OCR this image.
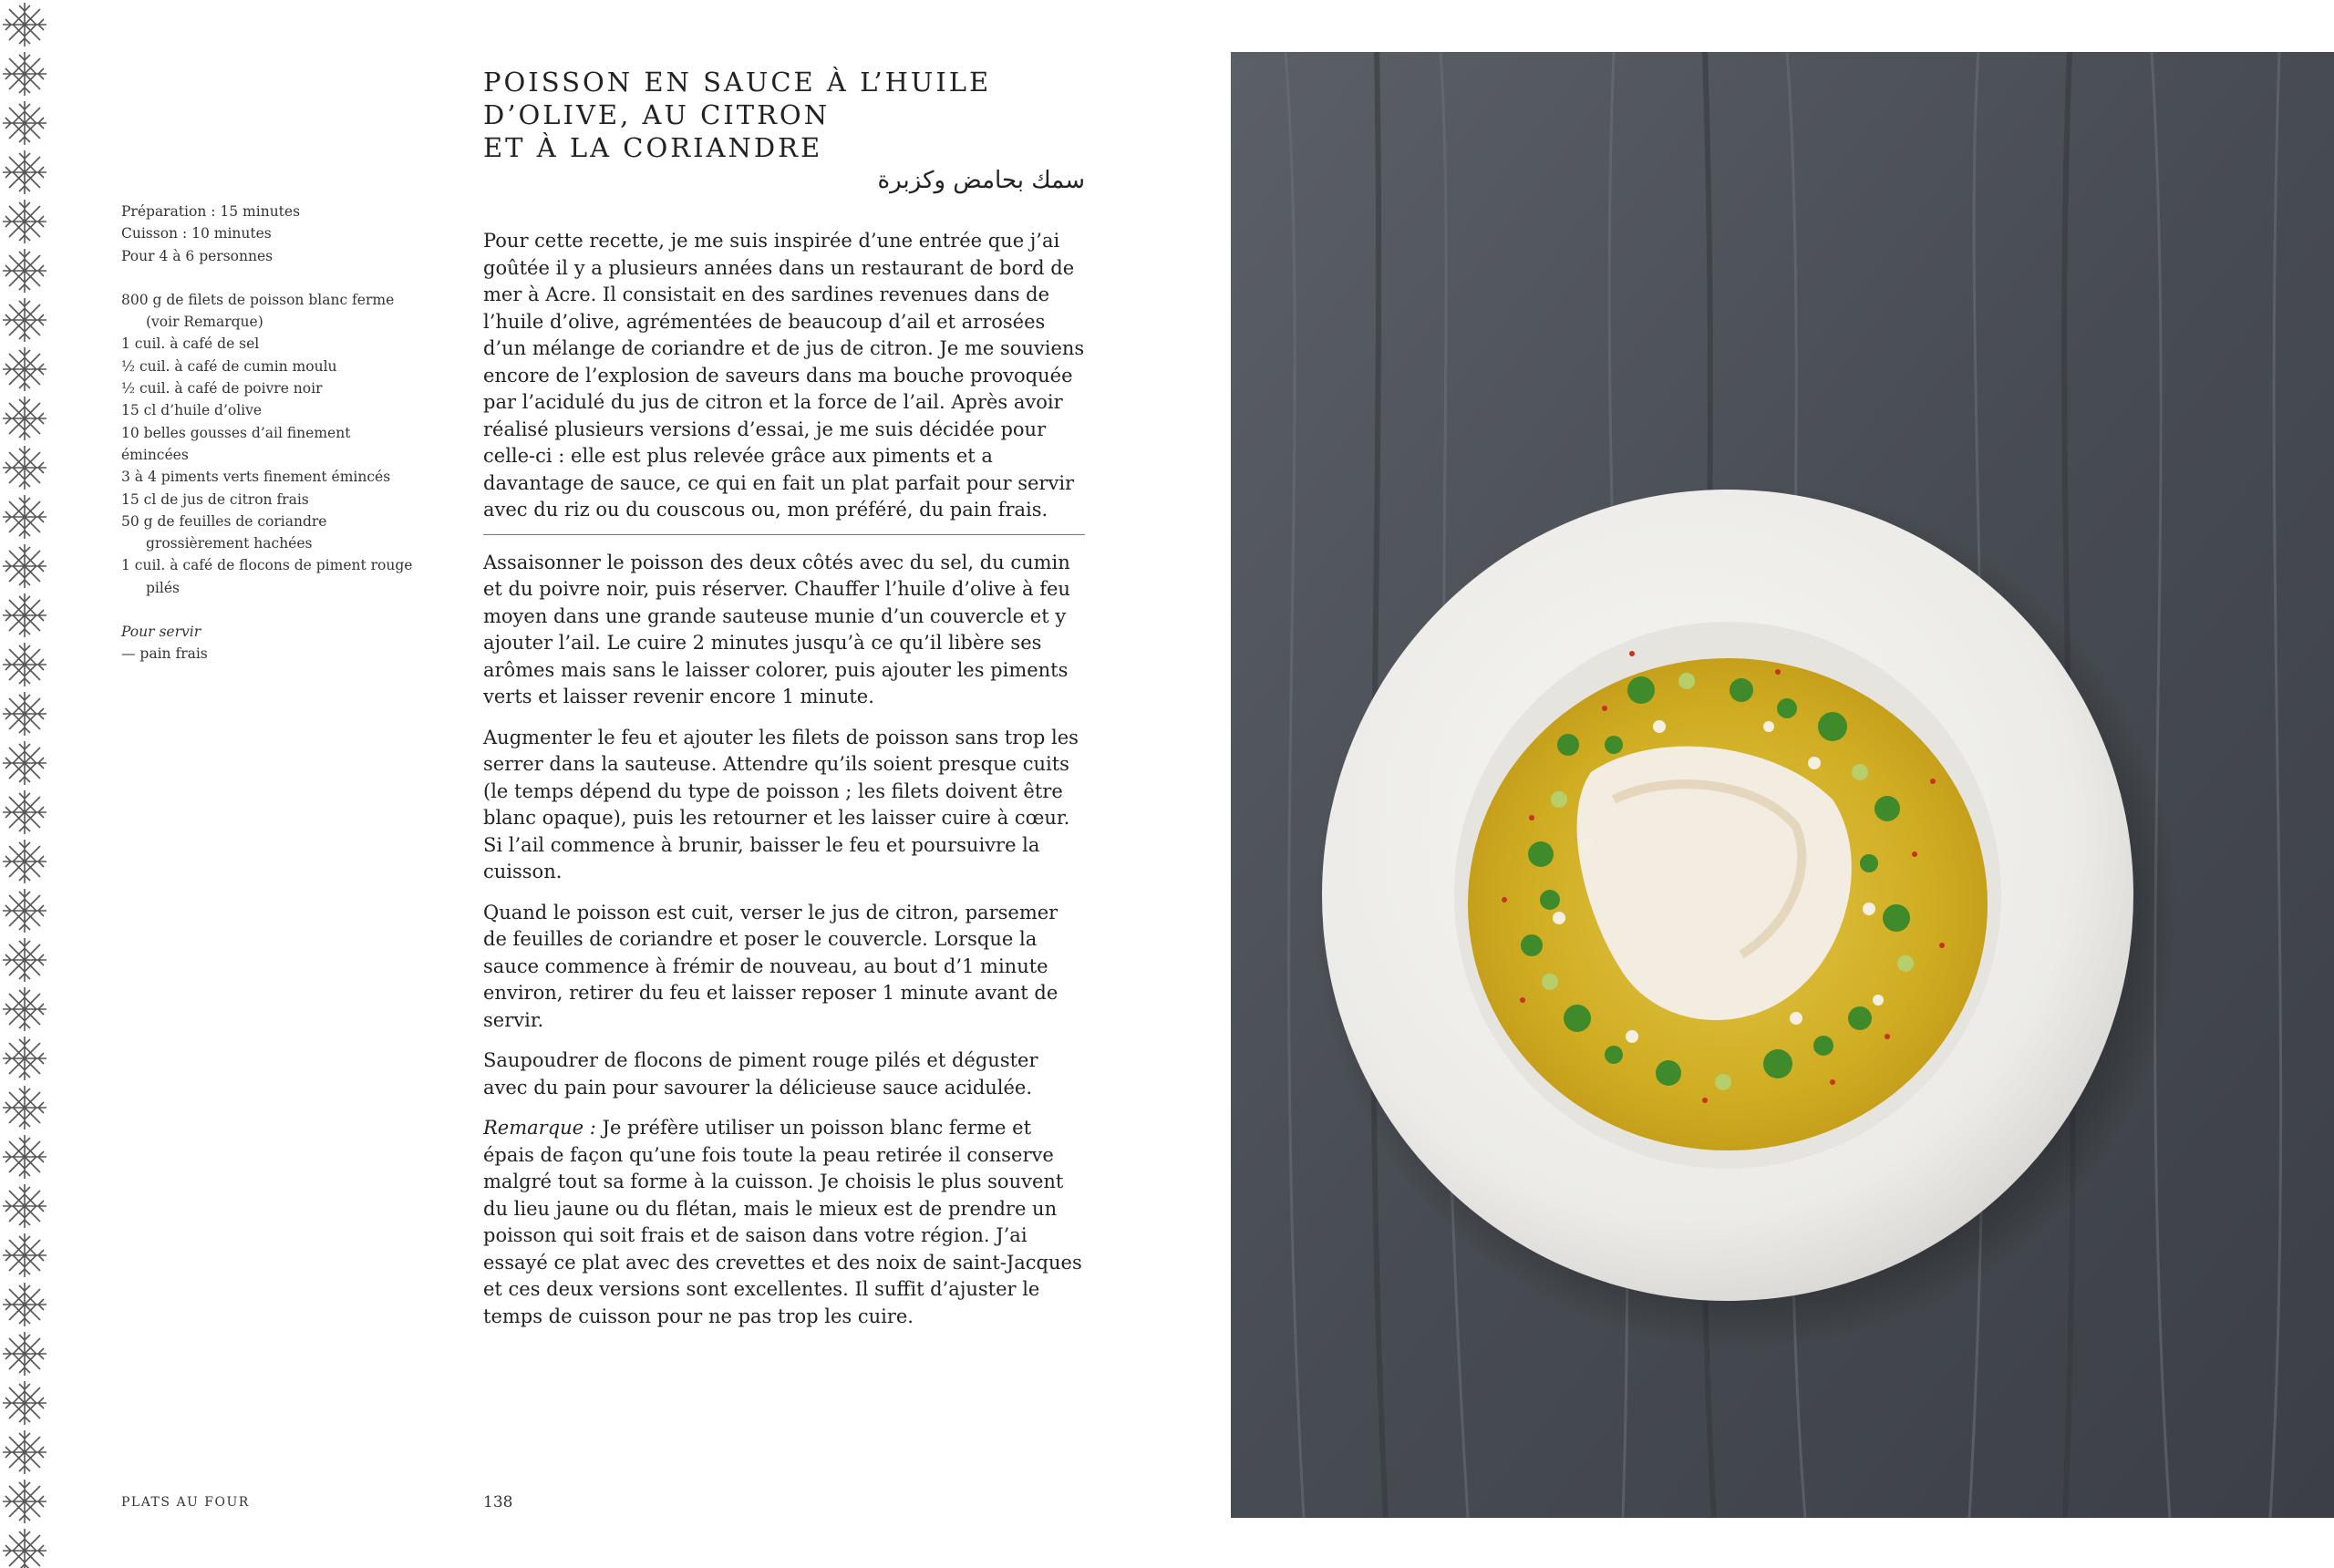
Préparation : 15 minutes

Cuisson : 10 minutes

Pour 4 à 6 personnes

800 g de filets de poisson blanc ferme

(voir Remarque)

1 cuil. à café de sel

½ cuil. à café de cumin moulu

½ cuil. à café de poivre noir

15 cl d’huile d’olive

10 belles gousses d’ail finement émincées

3 à 4 piments verts finement émincés

15 cl de jus de citron frais

50 g de feuilles de coriandre

grossièrement hachées

1 cuil. à café de flocons de piment rouge

pilés

Pour servir

— pain frais

POISSON EN SAUCE À L’HUILE
D’OLIVE, AU CITRON
ET À LA CORIANDRE
سمك بحامض وكزبرة

Pour cette recette, je me suis inspirée d’une entrée que j’ai goûtée il y a plusieurs années dans un restaurant de bord de mer à Acre. Il consistait en des sardines revenues dans de l’huile d’olive, agrémentées de beaucoup d’ail et arrosées d’un mélange de coriandre et de jus de citron. Je me souviens encore de l’explosion de saveurs dans ma bouche provoquée par l’acidulé du jus de citron et la force de l’ail. Après avoir réalisé plusieurs versions d’essai, je me suis décidée pour celle-ci : elle est plus relevée grâce aux piments et a davantage de sauce, ce qui en fait un plat parfait pour servir avec du riz ou du couscous ou, mon préféré, du pain frais.

Assaisonner le poisson des deux côtés avec du sel, du cumin et du poivre noir, puis réserver. Chauffer l’huile d’olive à feu moyen dans une grande sauteuse munie d’un couvercle et y ajouter l’ail. Le cuire 2 minutes jusqu’à ce qu’il libère ses arômes mais sans le laisser colorer, puis ajouter les piments verts et laisser revenir encore 1 minute.

Augmenter le feu et ajouter les filets de poisson sans trop les serrer dans la sauteuse. Attendre qu’ils soient presque cuits (le temps dépend du type de poisson ; les filets doivent être blanc opaque), puis les retourner et les laisser cuire à cœur. Si l’ail commence à brunir, baisser le feu et poursuivre la cuisson.

Quand le poisson est cuit, verser le jus de citron, parsemer de feuilles de coriandre et poser le couvercle. Lorsque la sauce commence à frémir de nouveau, au bout d’1 minute environ, retirer du feu et laisser reposer 1 minute avant de servir.

Saupoudrer de flocons de piment rouge pilés et déguster avec du pain pour savourer la délicieuse sauce acidulée.

Remarque : Je préfère utiliser un poisson blanc ferme et épais de façon qu’une fois toute la peau retirée il conserve malgré tout sa forme à la cuisson. Je choisis le plus souvent du lieu jaune ou du flétan, mais le mieux est de prendre un poisson qui soit frais et de saison dans votre région. J’ai essayé ce plat avec des crevettes et des noix de saint-Jacques et ces deux versions sont excellentes. Il suffit d’ajuster le temps de cuisson pour ne pas trop les cuire.

PLATS AU FOUR	138
